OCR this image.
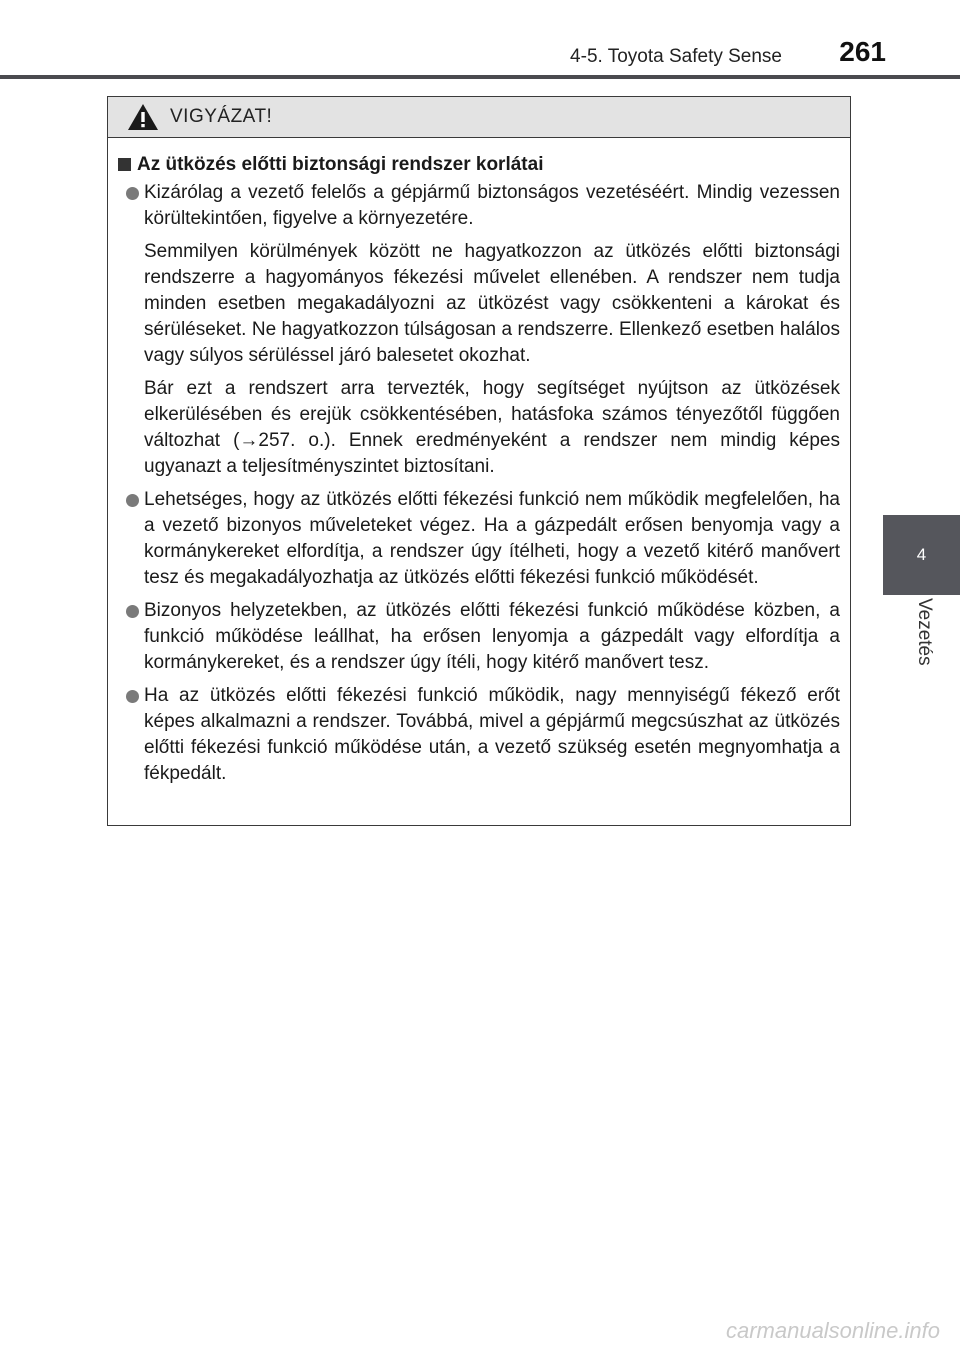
4-5. Toyota Safety Sense 261
4
Vezetés
VIGYÁZAT!
Az ütközés előtti biztonsági rendszer korlátai

Kizárólag a vezető felelős a gépjármű biztonságos vezetéséért. Mindig vezessen körültekintően, figyelve a környezetére.

Semmilyen körülmények között ne hagyatkozzon az ütközés előtti biztonsági rendszerre a hagyományos fékezési művelet ellenében. A rendszer nem tudja minden esetben megakadályozni az ütközést vagy csökkenteni a károkat és sérüléseket. Ne hagyatkozzon túlságosan a rendszerre. Ellenkező esetben halálos vagy súlyos sérüléssel járó balesetet okozhat.

Bár ezt a rendszert arra tervezték, hogy segítséget nyújtson az ütközések elkerülésében és erejük csökkentésében, hatásfoka számos tényezőtől függően változhat (→257. o.). Ennek eredményeként a rendszer nem mindig képes ugyanazt a teljesítményszintet biztosítani.

Lehetséges, hogy az ütközés előtti fékezési funkció nem működik megfelelően, ha a vezető bizonyos műveleteket végez. Ha a gázpedált erősen benyomja vagy a kormánykereket elfordítja, a rendszer úgy ítélheti, hogy a vezető kitérő manővert tesz és megakadályozhatja az ütközés előtti fékezési funkció működését.

Bizonyos helyzetekben, az ütközés előtti fékezési funkció működése közben, a funkció működése leállhat, ha erősen lenyomja a gázpedált vagy elfordítja a kormánykereket, és a rendszer úgy ítéli, hogy kitérő manővert tesz.

Ha az ütközés előtti fékezési funkció működik, nagy mennyiségű fékező erőt képes alkalmazni a rendszer. Továbbá, mivel a gépjármű megcsúszhat az ütközés előtti fékezési funkció működése után, a vezető szükség esetén megnyomhatja a fékpedált.

carmanualsonline.info
